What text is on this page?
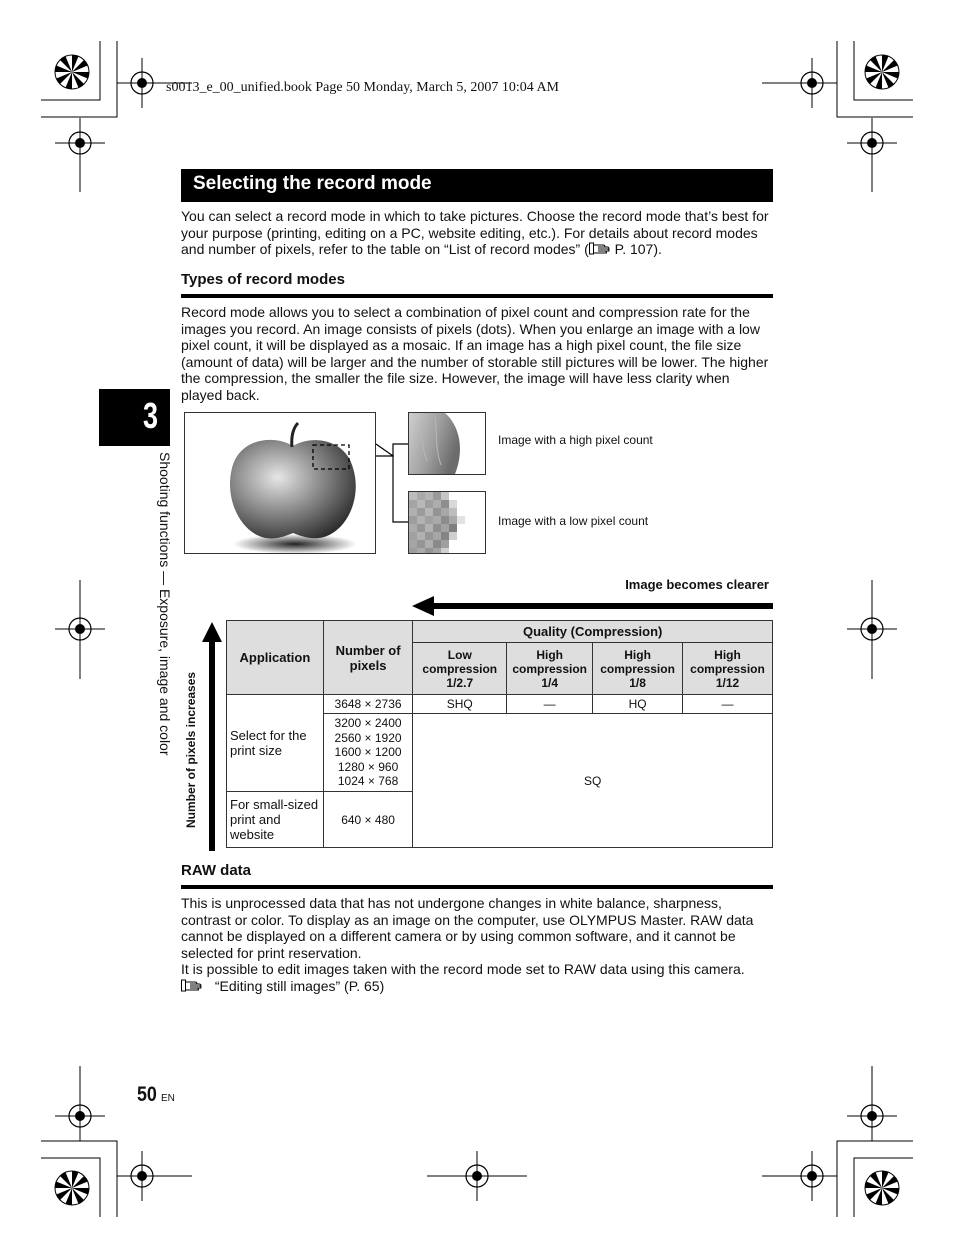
s0013_e_00_unified.book Page 50 Monday, March 5, 2007 10:04 AM
Selecting the record mode
You can select a record mode in which to take pictures. Choose the record mode that’s best for your purpose (printing, editing on a PC, website editing, etc.). For details about record modes and number of pixels, refer to the table on “List of record modes” ( P. 107).
Types of record modes
Record mode allows you to select a combination of pixel count and compression rate for the images you record. An image consists of pixels (dots). When you enlarge an image with a low pixel count, it will be displayed as a mosaic. If an image has a high pixel count, the file size (amount of data) will be larger and the number of storable still pictures will be lower. The higher the compression, the smaller the file size. However, the image will have less clarity when played back.
3
Shooting functions — Exposure, image and color
Image with a high pixel count
Image with a low pixel count
Image becomes clearer
Number of pixels increases
Application	Number of pixels	Quality (Compression)			
		Low compression 1/2.7	High compression 1/4	High compression 1/8	High compression 1/12
Select for the print size	3648 × 2736	SHQ	—	HQ	—

	3200 × 2400
2560 × 1920
1600 × 1200
1280 × 960
1024 × 768	SQ			
For small-sized print and website	640 × 480				
RAW data
This is unprocessed data that has not undergone changes in white balance, sharpness, contrast or color. To display as an image on the computer, use OLYMPUS Master. RAW data cannot be displayed on a different camera or by using common software, and it cannot be selected for print reservation.
It is possible to edit images taken with the record mode set to RAW data using this camera.
“Editing still images” (P. 65)
50 EN
